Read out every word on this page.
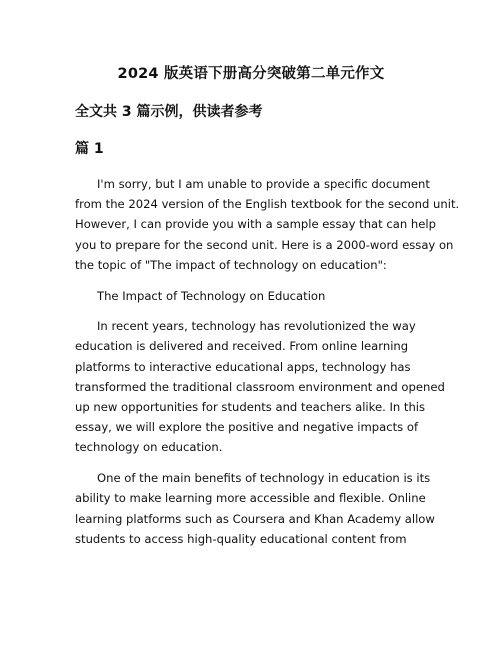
2024 版英语下册高分突破第二单元作文
全文共 3 篇示例，供读者参考
篇 1

I'm sorry, but I am unable to provide a specific document
from the 2024 version of the English textbook for the second unit.
However, I can provide you with a sample essay that can help
you to prepare for the second unit. Here is a 2000-word essay on
the topic of "The impact of technology on education":

The Impact of Technology on Education

In recent years, technology has revolutionized the way
education is delivered and received. From online learning
platforms to interactive educational apps, technology has
transformed the traditional classroom environment and opened
up new opportunities for students and teachers alike. In this
essay, we will explore the positive and negative impacts of
technology on education.

One of the main benefits of technology in education is its
ability to make learning more accessible and flexible. Online
learning platforms such as Coursera and Khan Academy allow
students to access high-quality educational content from
